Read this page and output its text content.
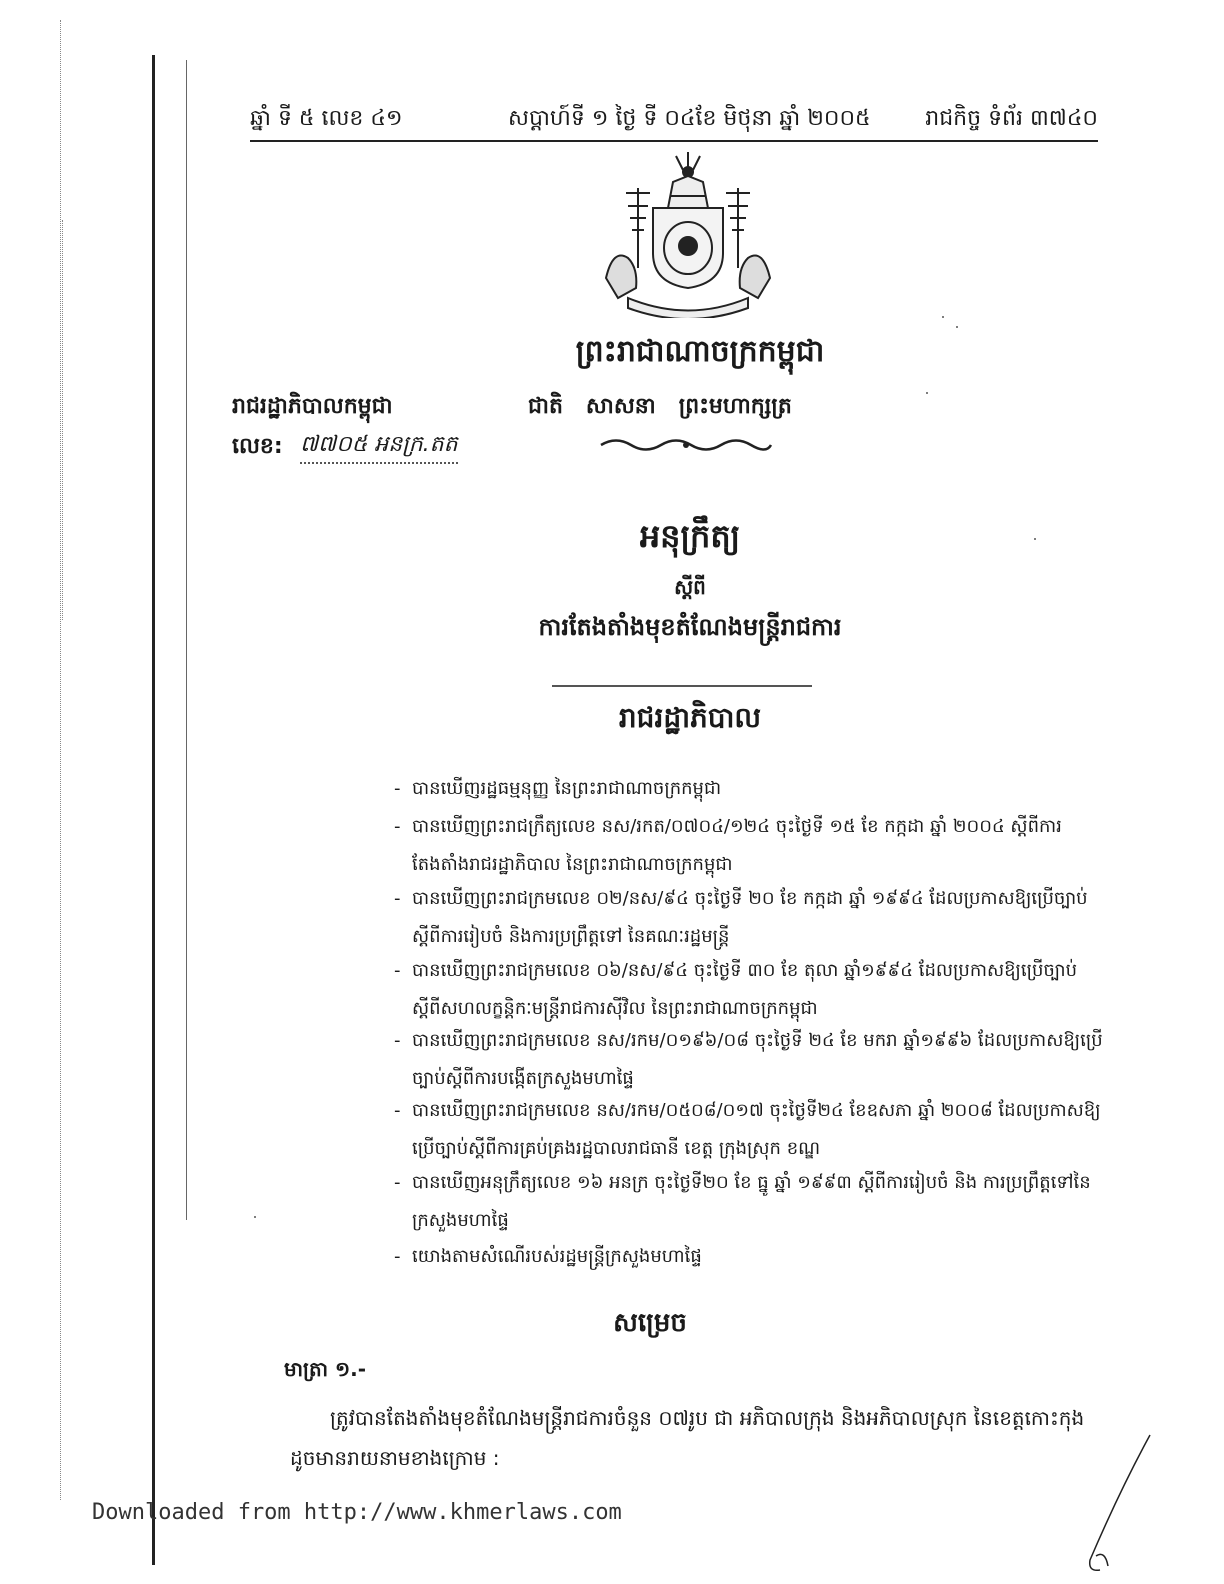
ឆ្នាំ ទី ៥ លេខ ៤១	សប្តាហ៍ទី ១ ថ្ងៃ ទី ០៤ខែ មិថុនា ឆ្នាំ ២០០៥ រាជកិច្ច ទំព័រ ៣៧៤០
ព្រះរាជាណាចក្រកម្ពុជា
រាជរដ្ឋាភិបាលកម្ពុជា	ជាតិ   សាសនា   ព្រះមហាក្សត្រ
លេខ: ៧៧០៥ អនក្រ.តត
អនុក្រឹត្យ
ស្តីពី
ការតែងតាំងមុខតំណែងមន្ត្រីរាជការ
រាជរដ្ឋាភិបាល
- បានឃើញរដ្ឋធម្មនុញ្ញ នៃព្រះរាជាណាចក្រកម្ពុជា
- បានឃើញព្រះរាជក្រឹត្យលេខ នស/រកត/០៧០៤/១២៤ ចុះថ្ងៃទី ១៥ ខែ កក្កដា ឆ្នាំ ២០០៤ ស្តីពីការតែងតាំងរាជរដ្ឋាភិបាល នៃព្រះរាជាណាចក្រកម្ពុជា
- បានឃើញព្រះរាជក្រមលេខ ០២/នស/៩៤ ចុះថ្ងៃទី ២០ ខែ កក្កដា ឆ្នាំ ១៩៩៤ ដែលប្រកាសឱ្យប្រើច្បាប់ស្តីពីការរៀបចំ និងការប្រព្រឹត្តទៅ នៃគណៈរដ្ឋមន្ត្រី
- បានឃើញព្រះរាជក្រមលេខ ០៦/នស/៩៤ ចុះថ្ងៃទី ៣០ ខែ តុលា ឆ្នាំ១៩៩៤ ដែលប្រកាសឱ្យប្រើច្បាប់ស្តីពីសហលក្ខន្តិកៈមន្ត្រីរាជការស៊ីវិល នៃព្រះរាជាណាចក្រកម្ពុជា
- បានឃើញព្រះរាជក្រមលេខ នស/រកម/០១៩៦/០៨ ចុះថ្ងៃទី ២៤ ខែ មករា ឆ្នាំ១៩៩៦ ដែលប្រកាសឱ្យប្រើច្បាប់ស្តីពីការបង្កើតក្រសួងមហាផ្ទៃ
- បានឃើញព្រះរាជក្រមលេខ នស/រកម/០៥០៨/០១៧ ចុះថ្ងៃទី២៤ ខែឧសភា ឆ្នាំ ២០០៨ ដែលប្រកាសឱ្យប្រើច្បាប់ស្តីពីការគ្រប់គ្រងរដ្ឋបាលរាជធានី ខេត្ត ក្រុងស្រុក ខណ្ឌ
- បានឃើញអនុក្រឹត្យលេខ ១៦ អនក្រ ចុះថ្ងៃទី២០ ខែ ធ្នូ ឆ្នាំ ១៩៩៣ ស្តីពីការរៀបចំ និង ការប្រព្រឹត្តទៅនៃក្រសួងមហាផ្ទៃ
- យោងតាមសំណើរបស់រដ្ឋមន្ត្រីក្រសួងមហាផ្ទៃ
សម្រេច
មាត្រា ១.-
ត្រូវបានតែងតាំងមុខតំណែងមន្ត្រីរាជការចំនួន ០៧រូប ជា អភិបាលក្រុង និងអភិបាលស្រុក នៃខេត្តកោះកុង ដូចមានរាយនាមខាងក្រោម :
Downloaded from http://www.khmerlaws.com
